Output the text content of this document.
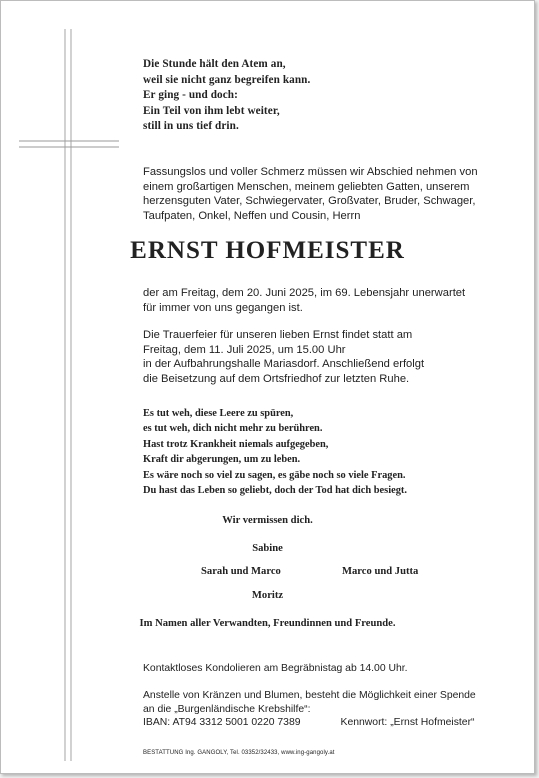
Die Stunde hält den Atem an,
weil sie nicht ganz begreifen kann.
Er ging - und doch:
Ein Teil von ihm lebt weiter,
still in uns tief drin.
Fassungslos und voller Schmerz müssen wir Abschied nehmen von einem großartigen Menschen, meinem geliebten Gatten, unserem herzensguten Vater, Schwiegervater, Großvater, Bruder, Schwager, Taufpaten, Onkel, Neffen und Cousin, Herrn
ERNST HOFMEISTER
der am Freitag, dem 20. Juni 2025, im 69. Lebensjahr unerwartet
für immer von uns gegangen ist.
Die Trauerfeier für unseren lieben Ernst findet statt am
Freitag, dem 11. Juli 2025, um 15.00 Uhr
in der Aufbahrungshalle Mariasdorf. Anschließend erfolgt
die Beisetzung auf dem Ortsfriedhof zur letzten Ruhe.
Es tut weh, diese Leere zu spüren,
es tut weh, dich nicht mehr zu berühren.
Hast trotz Krankheit niemals aufgegeben,
Kraft dir abgerungen, um zu leben.
Es wäre noch so viel zu sagen, es gäbe noch so viele Fragen.
Du hast das Leben so geliebt, doch der Tod hat dich besiegt.
Wir vermissen dich.
Sabine
Sarah und Marco	Marco und Jutta
Moritz
Im Namen aller Verwandten, Freundinnen und Freunde.
Kontaktloses Kondolieren am Begräbnistag ab 14.00 Uhr.
Anstelle von Kränzen und Blumen, besteht die Möglichkeit einer Spende
an die „Burgenländische Krebshilfe“:
IBAN: AT94 3312 5001 0220 7389	Kennwort: „Ernst Hofmeister“
BESTATTUNG Ing. GANGOLY, Tel. 03352/32433, www.ing-gangoly.at
